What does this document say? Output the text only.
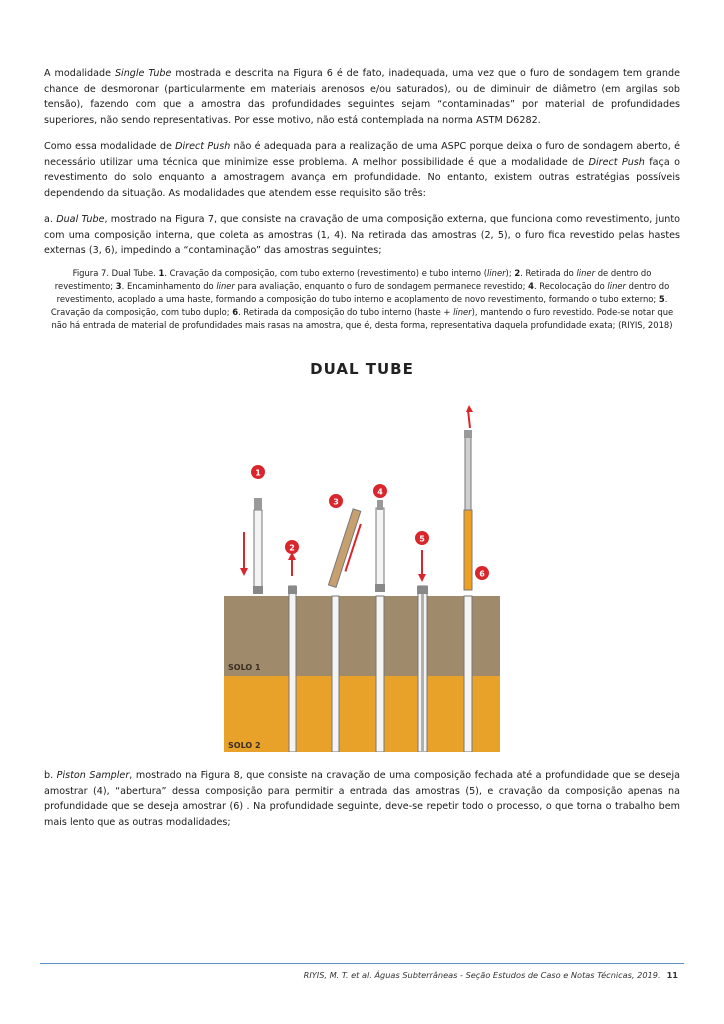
A modalidade Single Tube mostrada e descrita na Figura 6 é de fato, inadequada, uma vez que o furo de sondagem tem grande chance de desmoronar (particularmente em materiais arenosos e/ou saturados), ou de diminuir de diâmetro (em argilas sob tensão), fazendo com que a amostra das profundidades seguintes sejam “contaminadas” por material de profundidades superiores, não sendo representativas. Por esse motivo, não está contemplada na norma ASTM D6282.

Como essa modalidade de Direct Push não é adequada para a realização de uma ASPC porque deixa o furo de sondagem aberto, é necessário utilizar uma técnica que minimize esse problema. A melhor possibilidade é que a modalidade de Direct Push faça o revestimento do solo enquanto a amostragem avança em profundidade. No entanto, existem outras estratégias possíveis dependendo da situação. As modalidades que atendem esse requisito são três:

a. Dual Tube, mostrado na Figura 7, que consiste na cravação de uma composição externa, que funciona como revestimento, junto com uma composição interna, que coleta as amostras (1, 4). Na retirada das amostras (2, 5), o furo fica revestido pelas hastes externas (3, 6), impedindo a “contaminação” das amostras seguintes;

Figura 7. Dual Tube. 1. Cravação da composição, com tubo externo (revestimento) e tubo interno (liner); 2. Retirada do liner de dentro do revestimento; 3. Encaminhamento do liner para avaliação, enquanto o furo de sondagem permanece revestido; 4. Recolocação do liner dentro do revestimento, acoplado a uma haste, formando a composição do tubo interno e acoplamento de novo revestimento, formando o tubo externo; 5. Cravação da composição, com tubo duplo; 6. Retirada da composição do tubo interno (haste + liner), mantendo o furo revestido. Pode-se notar que não há entrada de material de profundidades mais rasas na amostra, que é, desta forma, representativa daquela profundidade exata; (RIYIS, 2018)

DUAL TUBE
SOLO 1
SOLO 2
1
2
3
4
5
6

b. Piston Sampler, mostrado na Figura 8, que consiste na cravação de uma composição fechada até a profundidade que se deseja amostrar (4), “abertura” dessa composição para permitir a entrada das amostras (5), e cravação da composição apenas na profundidade que se deseja amostrar (6) . Na profundidade seguinte, deve-se repetir todo o processo, o que torna o trabalho bem mais lento que as outras modalidades;

RIYIS, M. T. et al. Águas Subterrâneas - Seção Estudos de Caso e Notas Técnicas, 2019. 11
